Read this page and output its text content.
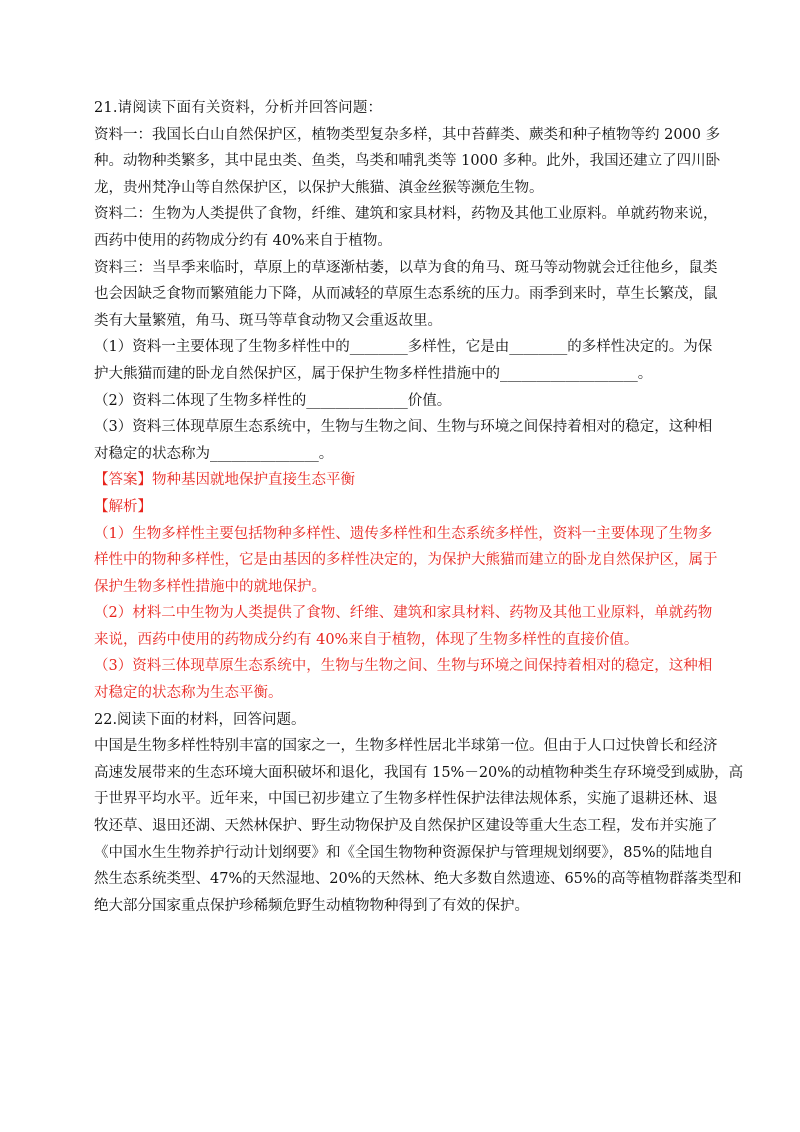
21.请阅读下面有关资料，分析并回答问题：
资料一：我国长白山自然保护区，植物类型复杂多样，其中苔藓类、蕨类和种子植物等约 2000 多
种。动物种类繁多，其中昆虫类、鱼类，鸟类和哺乳类等 1000 多种。此外，我国还建立了四川卧
龙，贵州梵净山等自然保护区，以保护大熊猫、滇金丝猴等濒危生物。
资料二：生物为人类提供了食物，纤维、建筑和家具材料，药物及其他工业原料。单就药物来说，
西药中使用的药物成分约有 40%来自于植物。
资料三：当旱季来临时，草原上的草逐渐枯萎，以草为食的角马、斑马等动物就会迁往他乡，鼠类
也会因缺乏食物而繁殖能力下降，从而减轻的草原生态系统的压力。雨季到来时，草生长繁茂，鼠
类有大量繁殖，角马、斑马等草食动物又会重返故里。
（1）资料一主要体现了生物多样性中的________多样性，它是由________的多样性决定的。为保
护大熊猫而建的卧龙自然保护区，属于保护生物多样性措施中的___________________。
（2）资料二体现了生物多样性的______________价值。
（3）资料三体现草原生态系统中，生物与生物之间、生物与环境之间保持着相对的稳定，这种相
对稳定的状态称为_______________。
【答案】物种基因就地保护直接生态平衡
【解析】
（1）生物多样性主要包括物种多样性、遗传多样性和生态系统多样性，资料一主要体现了生物多
样性中的物种多样性，它是由基因的多样性决定的，为保护大熊猫而建立的卧龙自然保护区，属于
保护生物多样性措施中的就地保护。
（2）材料二中生物为人类提供了食物、纤维、建筑和家具材料、药物及其他工业原料，单就药物
来说，西药中使用的药物成分约有 40%来自于植物，体现了生物多样性的直接价值。
（3）资料三体现草原生态系统中，生物与生物之间、生物与环境之间保持着相对的稳定，这种相
对稳定的状态称为生态平衡。
22.阅读下面的材料，回答问题。
中国是生物多样性特别丰富的国家之一，生物多样性居北半球第一位。但由于人口过快曾长和经济
高速发展带来的生态环境大面积破坏和退化，我国有 15%－20%的动植物种类生存环境受到威胁，高
于世界平均水平。近年来，中国已初步建立了生物多样性保护法律法规体系，实施了退耕还林、退
牧还草、退田还湖、天然林保护、野生动物保护及自然保护区建设等重大生态工程，发布并实施了
《中国水生生物养护行动计划纲要》和《全国生物物种资源保护与管理规划纲要》，85%的陆地自
然生态系统类型、47%的天然湿地、20%的天然林、绝大多数自然遗迹、65%的高等植物群落类型和
绝大部分国家重点保护珍稀频危野生动植物物种得到了有效的保护。
